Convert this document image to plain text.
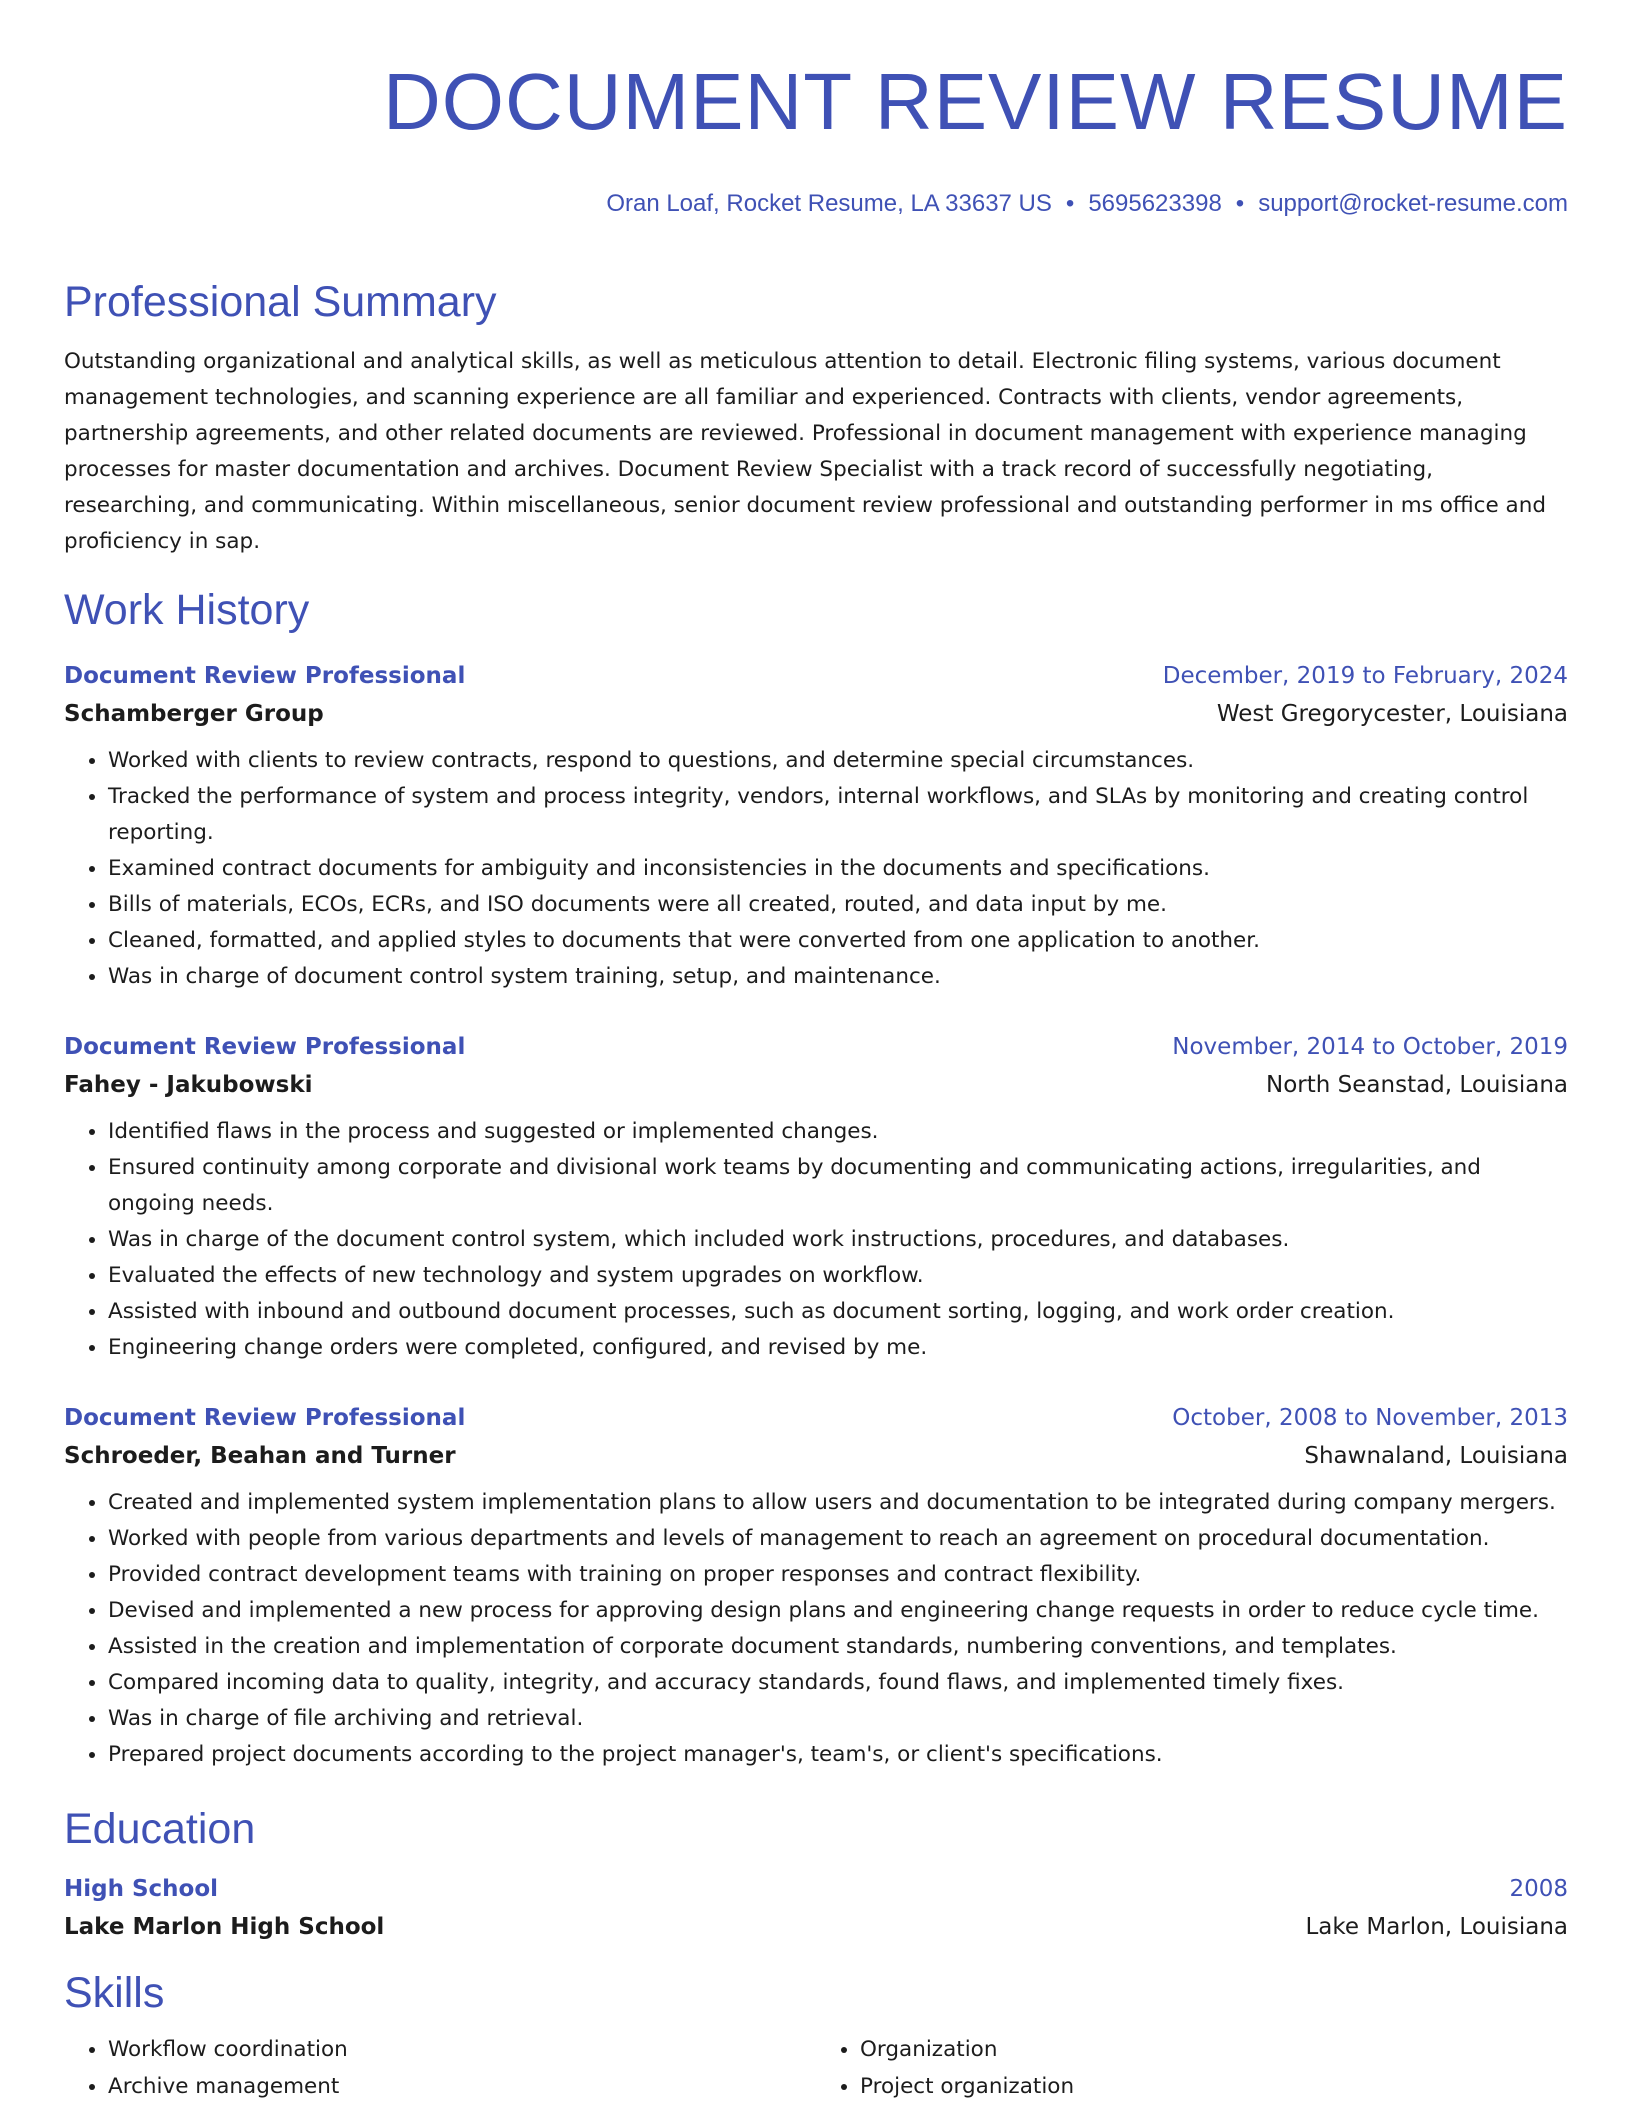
DOCUMENT REVIEW RESUME
Oran Loaf, Rocket Resume, LA 33637 US • 5695623398 • support@rocket-resume.com
Professional Summary

Outstanding organizational and analytical skills, as well as meticulous attention to detail. Electronic filing systems, various document management technologies, and scanning experience are all familiar and experienced. Contracts with clients, vendor agreements, partnership agreements, and other related documents are reviewed. Professional in document management with experience managing processes for master documentation and archives. Document Review Specialist with a track record of successfully negotiating, researching, and communicating. Within miscellaneous, senior document review professional and outstanding performer in ms office and proficiency in sap.

Work History
Document Review Professional	December, 2019 to February, 2024
Schamberger Group	West Gregorycester, Louisiana
• Worked with clients to review contracts, respond to questions, and determine special circumstances.
• Tracked the performance of system and process integrity, vendors, internal workflows, and SLAs by monitoring and creating control reporting.
• Examined contract documents for ambiguity and inconsistencies in the documents and specifications.
• Bills of materials, ECOs, ECRs, and ISO documents were all created, routed, and data input by me.
• Cleaned, formatted, and applied styles to documents that were converted from one application to another.
• Was in charge of document control system training, setup, and maintenance.
Document Review Professional	November, 2014 to October, 2019
Fahey - Jakubowski	North Seanstad, Louisiana
• Identified flaws in the process and suggested or implemented changes.
• Ensured continuity among corporate and divisional work teams by documenting and communicating actions, irregularities, and ongoing needs.
• Was in charge of the document control system, which included work instructions, procedures, and databases.
• Evaluated the effects of new technology and system upgrades on workflow.
• Assisted with inbound and outbound document processes, such as document sorting, logging, and work order creation.
• Engineering change orders were completed, configured, and revised by me.
Document Review Professional	October, 2008 to November, 2013
Schroeder, Beahan and Turner	Shawnaland, Louisiana
• Created and implemented system implementation plans to allow users and documentation to be integrated during company mergers.
• Worked with people from various departments and levels of management to reach an agreement on procedural documentation.
• Provided contract development teams with training on proper responses and contract flexibility.
• Devised and implemented a new process for approving design plans and engineering change requests in order to reduce cycle time.
• Assisted in the creation and implementation of corporate document standards, numbering conventions, and templates.
• Compared incoming data to quality, integrity, and accuracy standards, found flaws, and implemented timely fixes.
• Was in charge of file archiving and retrieval.
• Prepared project documents according to the project manager's, team's, or client's specifications.
Education
High School	2008
Lake Marlon High School	Lake Marlon, Louisiana
Skills
• Workflow coordination
• Archive management
• Organization
• Project organization
